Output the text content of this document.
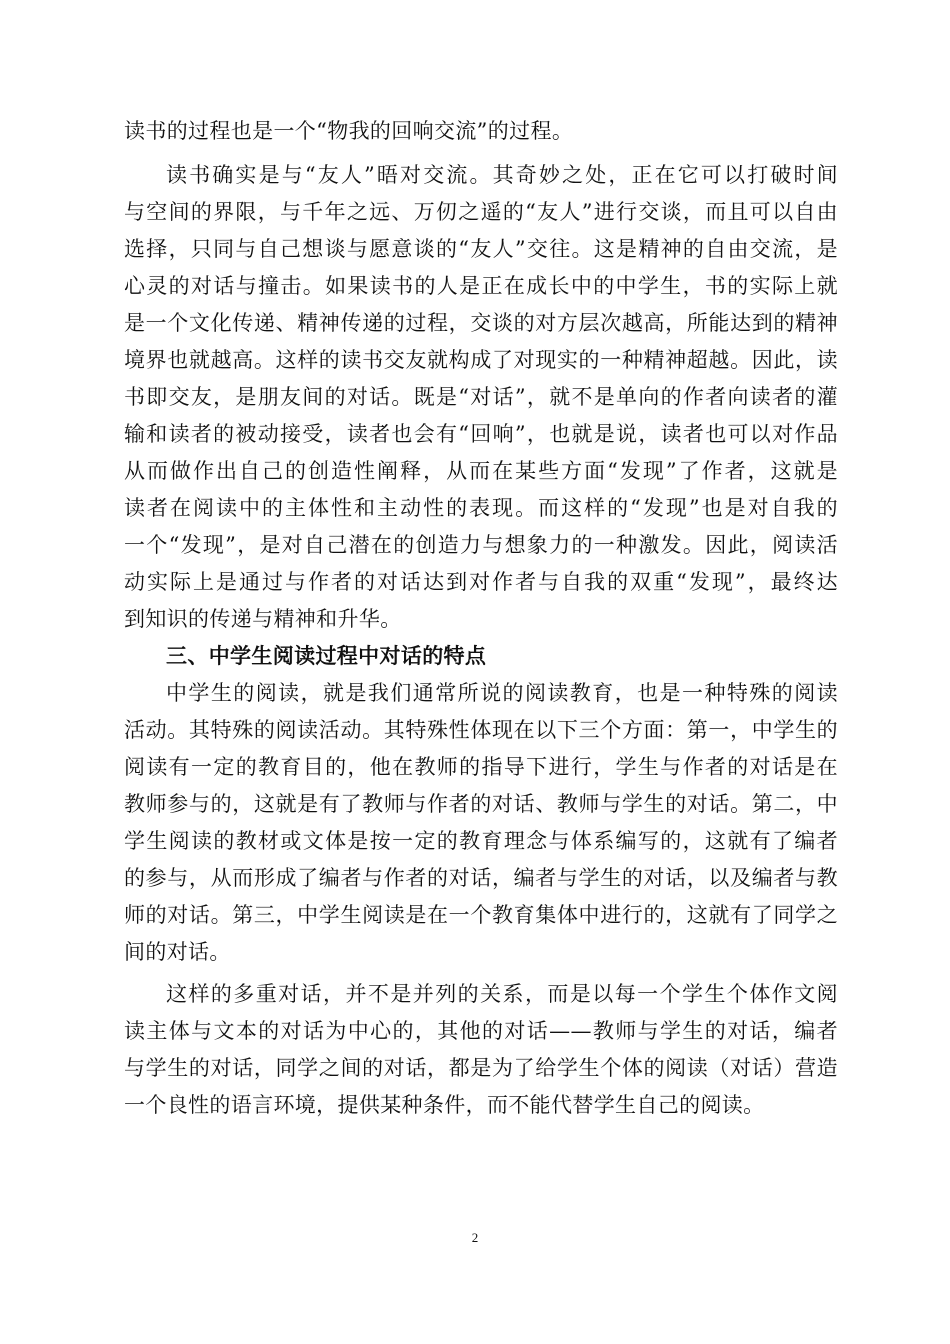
读书的过程也是一个“物我的回响交流”的过程。
读书确实是与“友人”晤对交流。其奇妙之处，正在它可以打破时间
与空间的界限，与千年之远、万仞之遥的“友人”进行交谈，而且可以自由
选择，只同与自己想谈与愿意谈的“友人”交往。这是精神的自由交流，是
心灵的对话与撞击。如果读书的人是正在成长中的中学生，书的实际上就
是一个文化传递、精神传递的过程，交谈的对方层次越高，所能达到的精神
境界也就越高。这样的读书交友就构成了对现实的一种精神超越。因此，读
书即交友，是朋友间的对话。既是“对话”，就不是单向的作者向读者的灌
输和读者的被动接受，读者也会有“回响”，也就是说，读者也可以对作品
从而做作出自己的创造性阐释，从而在某些方面“发现”了作者，这就是
读者在阅读中的主体性和主动性的表现。而这样的“发现”也是对自我的
一个“发现”，是对自己潜在的创造力与想象力的一种激发。因此，阅读活
动实际上是通过与作者的对话达到对作者与自我的双重“发现”，最终达
到知识的传递与精神和升华。
三、中学生阅读过程中对话的特点
中学生的阅读，就是我们通常所说的阅读教育，也是一种特殊的阅读
活动。其特殊的阅读活动。其特殊性体现在以下三个方面：第一，中学生的
阅读有一定的教育目的，他在教师的指导下进行，学生与作者的对话是在
教师参与的，这就是有了教师与作者的对话、教师与学生的对话。第二，中
学生阅读的教材或文体是按一定的教育理念与体系编写的，这就有了编者
的参与，从而形成了编者与作者的对话，编者与学生的对话，以及编者与教
师的对话。第三，中学生阅读是在一个教育集体中进行的，这就有了同学之
间的对话。
这样的多重对话，并不是并列的关系，而是以每一个学生个体作文阅
读主体与文本的对话为中心的，其他的对话——教师与学生的对话，编者
与学生的对话，同学之间的对话，都是为了给学生个体的阅读（对话）营造
一个良性的语言环境，提供某种条件，而不能代替学生自己的阅读。
2
